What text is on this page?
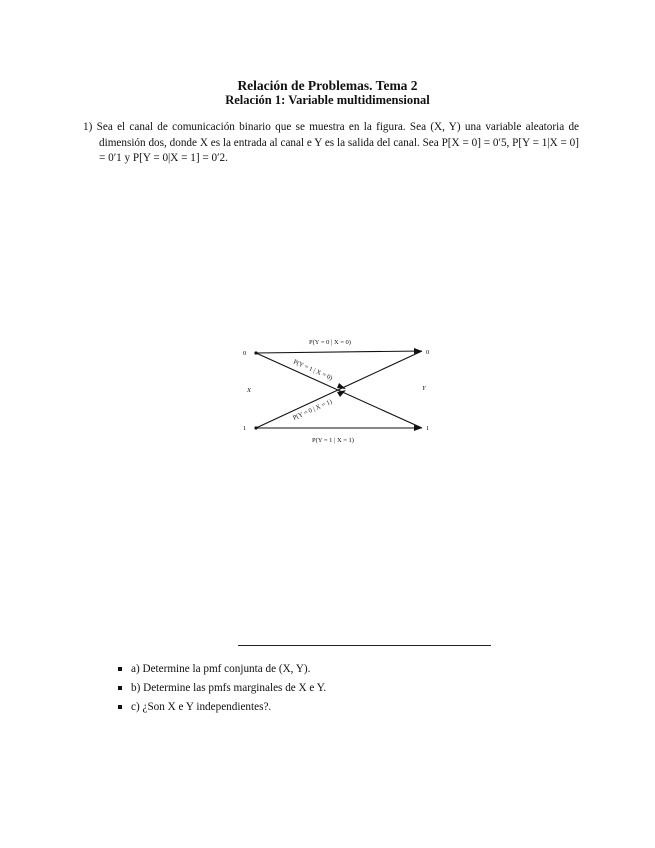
Relación de Problemas. Tema 2
Relación 1: Variable multidimensional

1) Sea el canal de comunicación binario que se muestra en la figura. Sea (X, Y) una variable aleatoria de dimensión dos, donde X es la entrada al canal e Y es la salida del canal. Sea P[X = 0] = 0′5, P[Y = 1|X = 0] = 0′1 y P[Y = 0|X = 1] = 0′2.

P(Y = 0 | X = 0)
P(Y = 1 | X = 0)
P(Y = 0 | X = 1)
P(Y = 1 | X = 1)
0
1
0
1
X	Y
a) Determine la pmf conjunta de (X, Y).
b) Determine las pmfs marginales de X e Y.
c) ¿Son X e Y independientes?.
